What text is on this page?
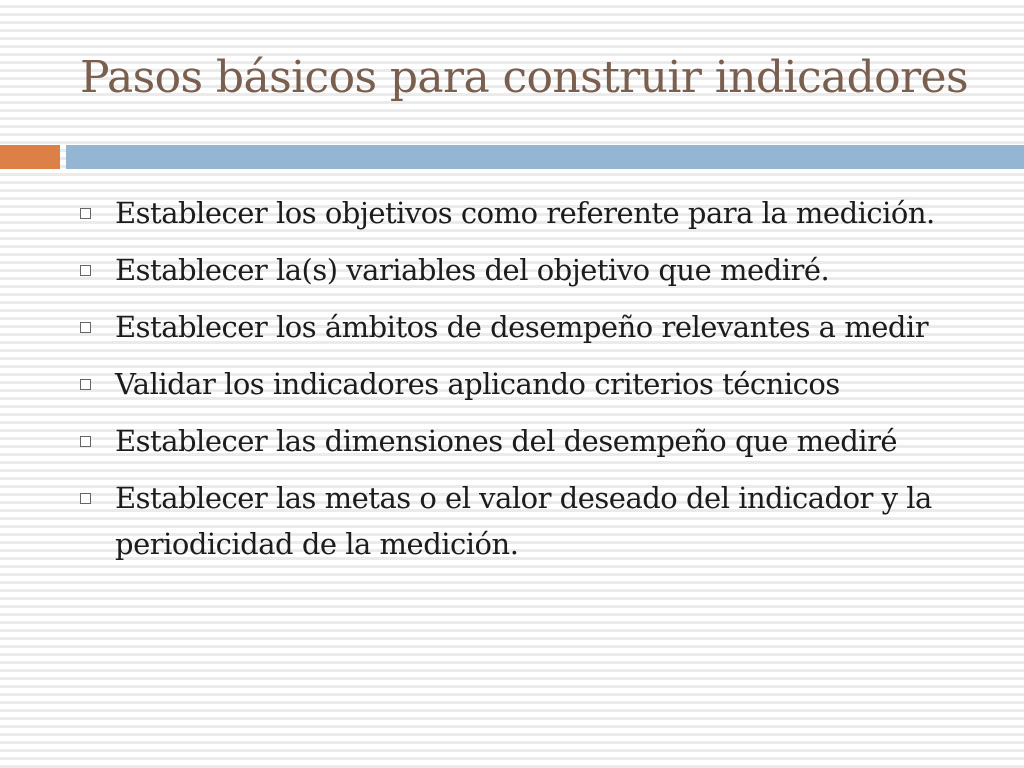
Pasos básicos para construir indicadores
Establecer los objetivos como referente para la medición.
Establecer la(s) variables del objetivo que mediré.
Establecer los ámbitos de desempeño relevantes a medir
Validar los indicadores aplicando criterios técnicos
Establecer las dimensiones del desempeño que mediré
Establecer las metas o el valor deseado del indicador y la periodicidad de la medición.
